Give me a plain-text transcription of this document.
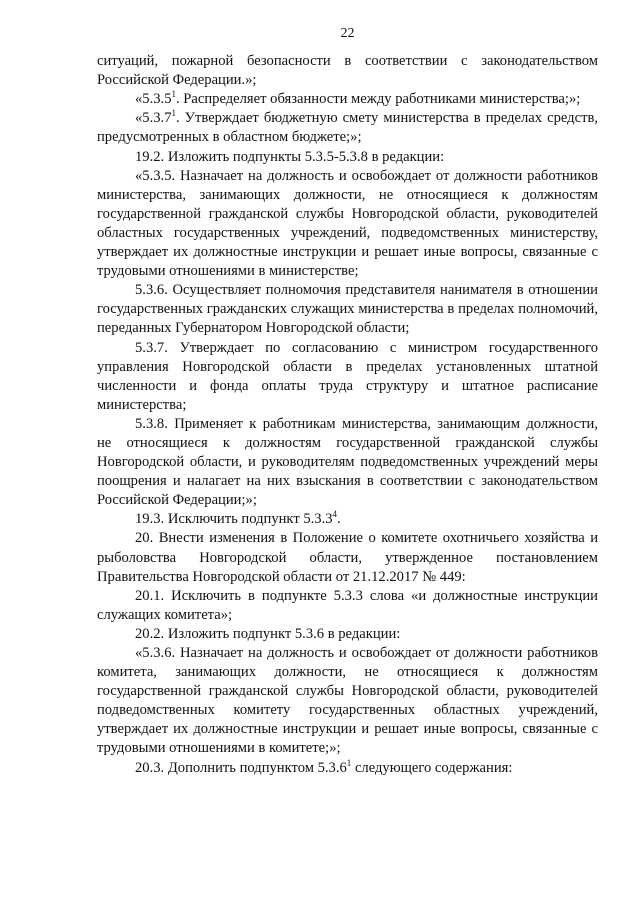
22

ситуаций, пожарной безопасности в соответствии с законодательством Российской Федерации.»;

«5.3.5$^1$. Распределяет обязанности между работниками министерства;»;

«5.3.7$^1$. Утверждает бюджетную смету министерства в пределах средств, предусмотренных в областном бюджете;»;

19.2. Изложить подпункты 5.3.5-5.3.8 в редакции:

«5.3.5. Назначает на должность и освобождает от должности работников министерства, занимающих должности, не относящиеся к должностям государственной гражданской службы Новгородской области, руководителей областных государственных учреждений, подведомственных министерству, утверждает их должностные инструкции и решает иные вопросы, связанные с трудовыми отношениями в министерстве;

5.3.6. Осуществляет полномочия представителя нанимателя в отношении государственных гражданских служащих министерства в пределах полномочий, переданных Губернатором Новгородской области;

5.3.7. Утверждает по согласованию с министром государственного управления Новгородской области в пределах установленных штатной численности и фонда оплаты труда структуру и штатное расписание министерства;

5.3.8. Применяет к работникам министерства, занимающим должности, не относящиеся к должностям государственной гражданской службы Новгородской области, и руководителям подведомственных учреждений меры поощрения и налагает на них взыскания в соответствии с законодательством Российской Федерации;»;

19.3. Исключить подпункт 5.3.3$^4$.

20. Внести изменения в Положение о комитете охотничьего хозяйства и рыболовства Новгородской области, утвержденное постановлением Правительства Новгородской области от 21.12.2017 № 449:

20.1. Исключить в подпункте 5.3.3 слова «и должностные инструкции служащих комитета»;

20.2. Изложить подпункт 5.3.6 в редакции:

«5.3.6. Назначает на должность и освобождает от должности работников комитета, занимающих должности, не относящиеся к должностям государственной гражданской службы Новгородской области, руководителей подведомственных комитету государственных областных учреждений, утверждает их должностные инструкции и решает иные вопросы, связанные с трудовыми отношениями в комитете;»;

20.3. Дополнить подпунктом 5.3.6$^1$ следующего содержания:
